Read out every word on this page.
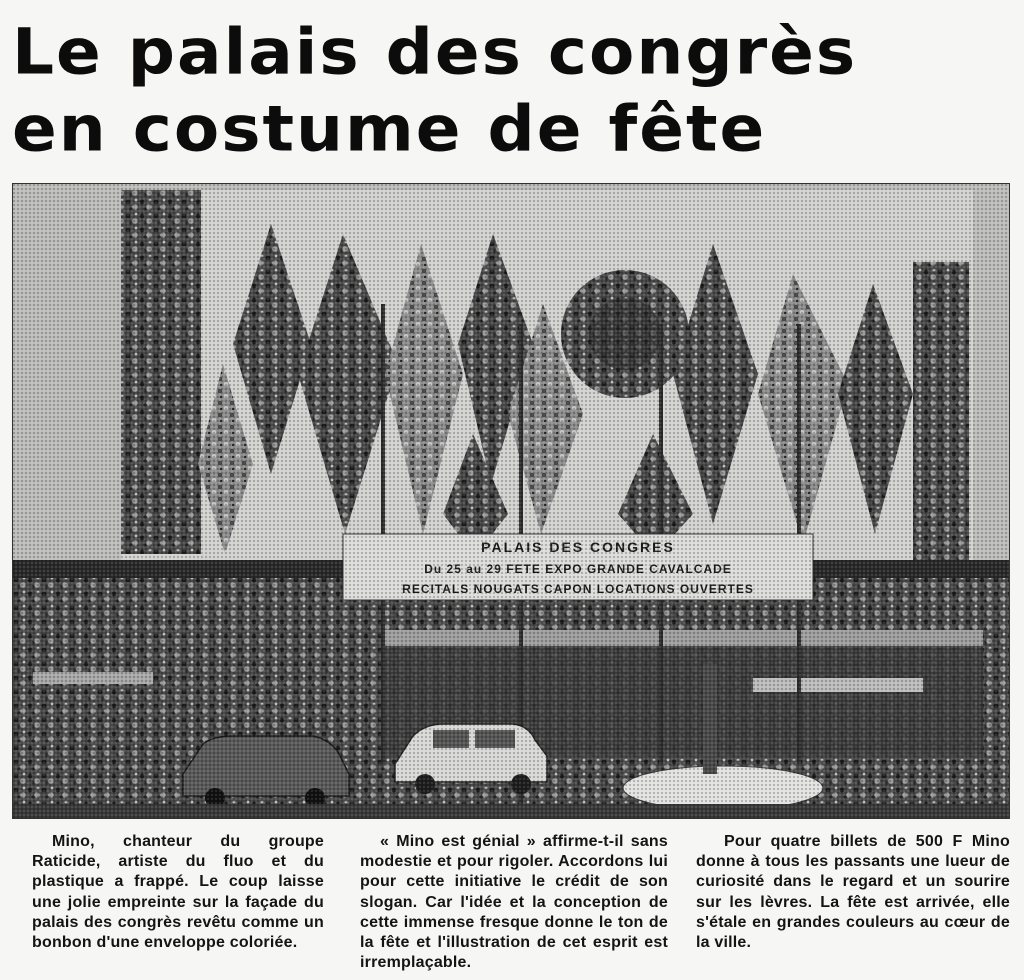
Le palais des congrès
en costume de fête
Mino, chanteur du groupe Raticide, artiste du fluo et du plastique a frappé. Le coup laisse une jolie empreinte sur la façade du palais des congrès revêtu comme un bonbon d'une enveloppe coloriée.
« Mino est génial » affirme-t-il sans modestie et pour rigoler. Accordons lui pour cette initiative le crédit de son slogan. Car l'idée et la conception de cette immense fresque donne le ton de la fête et l'illustration de cet esprit est irremplaçable.
Pour quatre billets de 500 F Mino donne à tous les passants une lueur de curiosité dans le regard et un sourire sur les lèvres. La fête est arrivée, elle s'étale en grandes couleurs au cœur de la ville.
